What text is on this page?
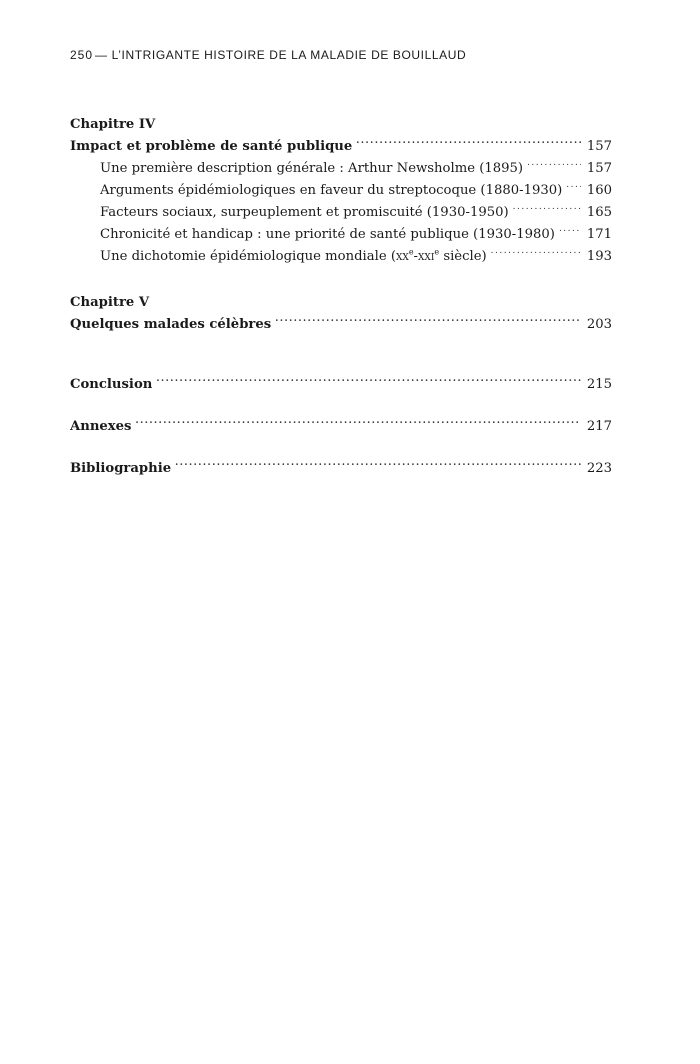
250 — L’INTRIGANTE HISTOIRE DE LA MALADIE DE BOUILLAUD
Chapitre IV
Impact et problème de santé publique .....	157
Une première description générale : Arthur Newsholme (1895) .....	157
Arguments épidémiologiques en faveur du streptocoque (1880-1930) ..... 160
Facteurs sociaux, surpeuplement et promiscuité (1930-1950) .....	165
Chronicité et handicap : une priorité de santé publique (1930-1980) ..... 171
Une dichotomie épidémiologique mondiale ($xx^e-xxi^e$ siècle) .....	193
Chapitre V
Quelques malades célèbres .....	203
Conclusion .....	215
Annexes .....	217
Bibliographie .....	223
